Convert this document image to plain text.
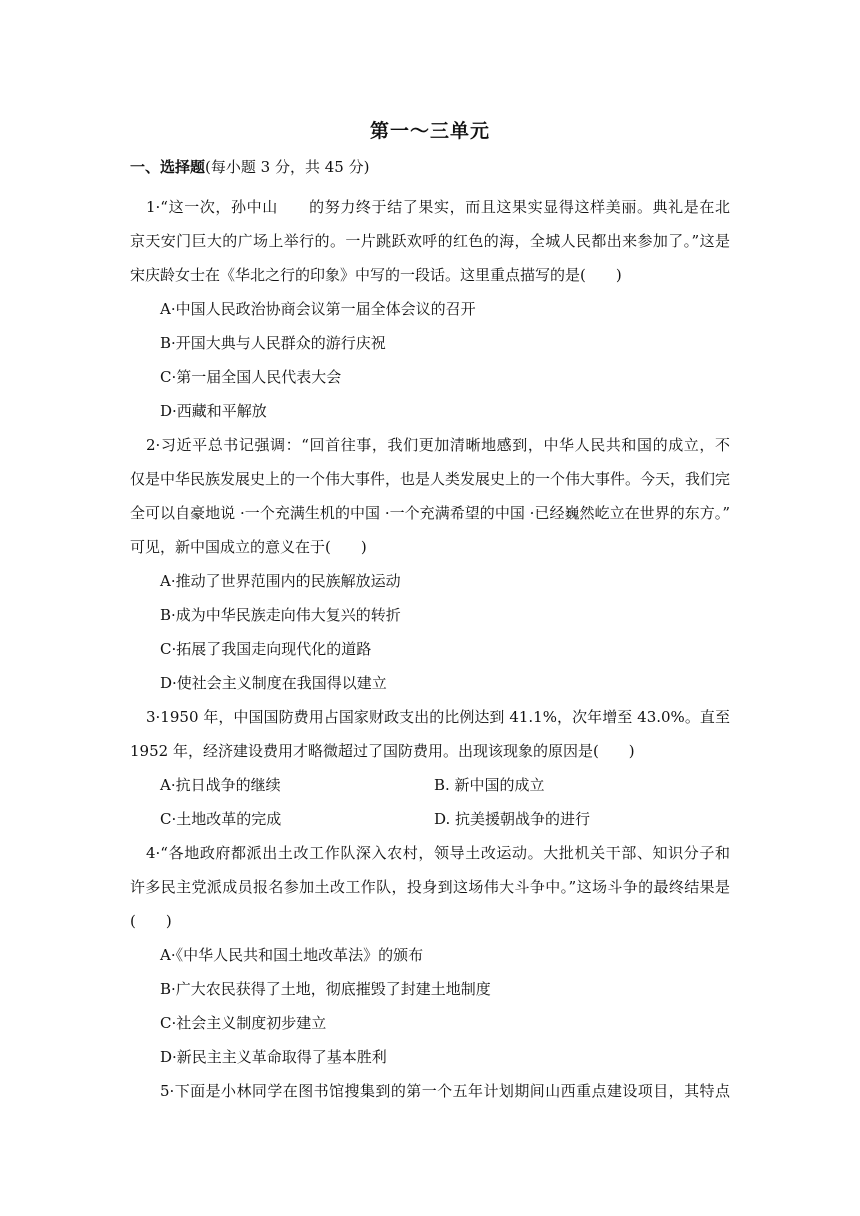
第一～三单元
一、选择题(每小题 3 分，共 45 分)
1·“这一次，孙中山　　的努力终于结了果实，而且这果实显得这样美丽。典礼是在北
京天安门巨大的广场上举行的。一片跳跃欢呼的红色的海，全城人民都出来参加了。”这是
宋庆龄女士在《华北之行的印象》中写的一段话。这里重点描写的是(　　)
A·中国人民政治协商会议第一届全体会议的召开
B·开国大典与人民群众的游行庆祝
C·第一届全国人民代表大会
D·西藏和平解放
2·习近平总书记强调：“回首往事，我们更加清晰地感到，中华人民共和国的成立，不
仅是中华民族发展史上的一个伟大事件，也是人类发展史上的一个伟大事件。今天，我们完
全可以自豪地说 ·一个充满生机的中国 ·一个充满希望的中国 ·已经巍然屹立在世界的东方。”
可见，新中国成立的意义在于(　　)
A·推动了世界范围内的民族解放运动
B·成为中华民族走向伟大复兴的转折
C·拓展了我国走向现代化的道路
D·使社会主义制度在我国得以建立
3·1950 年，中国国防费用占国家财政支出的比例达到 41.1%，次年增至 43.0%。直至
1952 年，经济建设费用才略微超过了国防费用。出现该现象的原因是(　　)
A·抗日战争的继续	B. 新中国的成立
C·土地改革的完成	D. 抗美援朝战争的进行
4·“各地政府都派出土改工作队深入农村，领导土改运动。大批机关干部、知识分子和
许多民主党派成员报名参加土改工作队，投身到这场伟大斗争中。”这场斗争的最终结果是
(　　)
A·《中华人民共和国土地改革法》的颁布
B·广大农民获得了土地，彻底摧毁了封建土地制度
C·社会主义制度初步建立
D·新民主主义革命取得了基本胜利
5·下面是小林同学在图书馆搜集到的第一个五年计划期间山西重点建设项目，其特点
